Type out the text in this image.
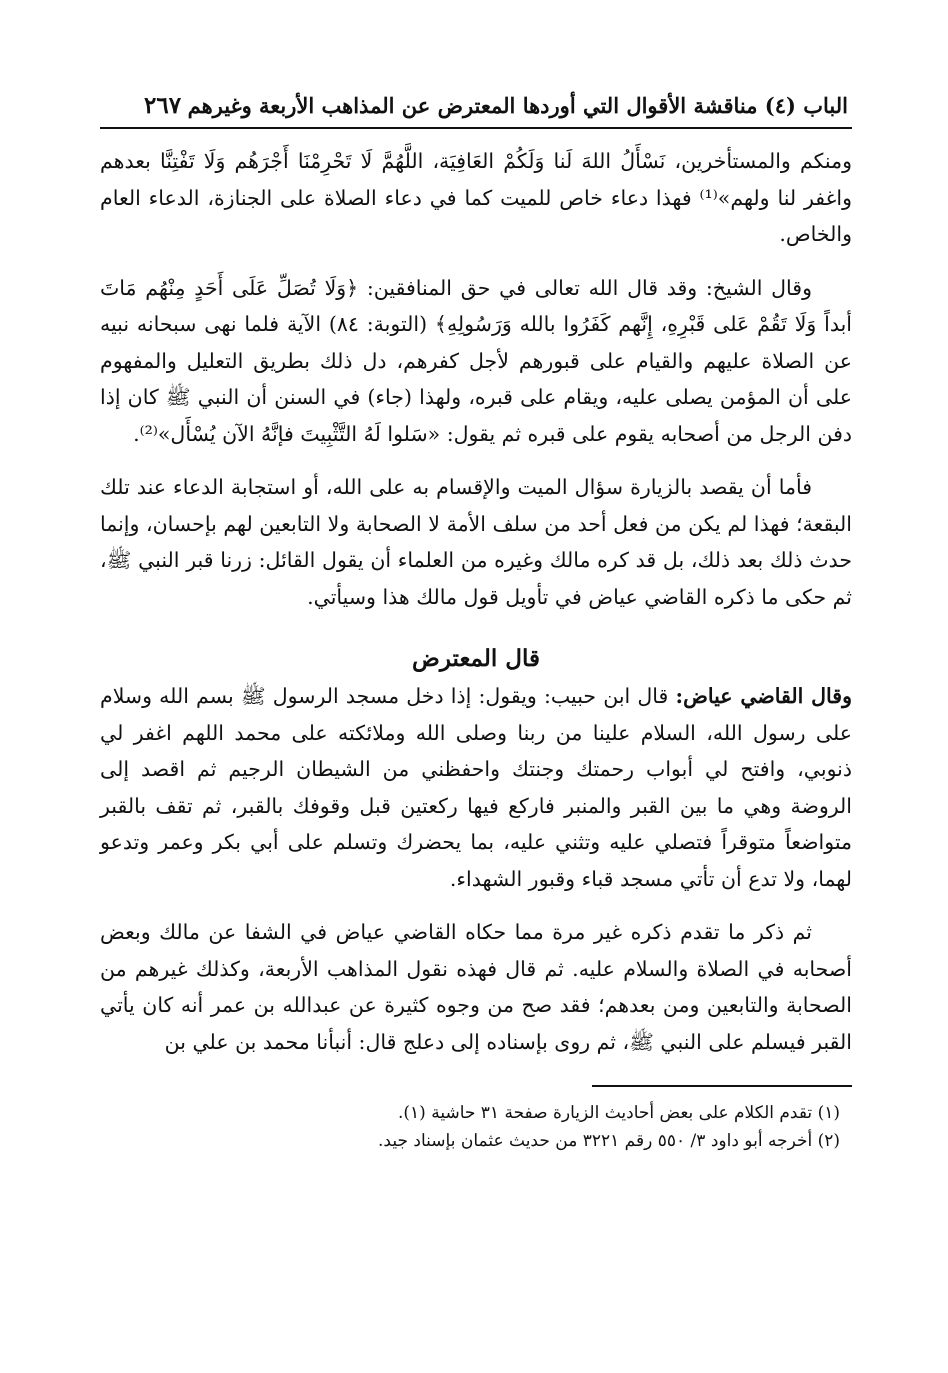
الباب (٤) مناقشة الأقوال التي أوردها المعترض عن المذاهب الأربعة وغيرهم
٢٦٧

ومنكم والمستأخرين، نَسْأَلُ اللهَ لَنا وَلَكُمْ العَافِيَة، اللَّهُمَّ لَا تَحْرِمْنَا أَجْرَهُم وَلَا تَفْتِنَّا بعدهم واغفر لنا ولهم»⁽¹⁾ فهذا دعاء خاص للميت كما في دعاء الصلاة على الجنازة، الدعاء العام والخاص.

وقال الشيخ: وقد قال الله تعالى في حق المنافقين: ﴿وَلَا تُصَلِّ عَلَى أَحَدٍ مِنْهُم مَاتَ أبداً وَلَا تَقُمْ عَلى قَبْرِهِ، إِنَّهم كَفَرُوا بالله وَرَسُولِهِ﴾ (التوبة: ٨٤) الآية فلما نهى سبحانه نبيه عن الصلاة عليهم والقيام على قبورهم لأجل كفرهم، دل ذلك بطريق التعليل والمفهوم على أن المؤمن يصلى عليه، ويقام على قبره، ولهذا (جاء) في السنن أن النبي ﷺ كان إذا دفن الرجل من أصحابه يقوم على قبره ثم يقول: «سَلوا لَهُ التَّثْبِيتَ فإنَّهُ الآن يُسْأَل»⁽²⁾.

فأما أن يقصد بالزيارة سؤال الميت والإقسام به على الله، أو استجابة الدعاء عند تلك البقعة؛ فهذا لم يكن من فعل أحد من سلف الأمة لا الصحابة ولا التابعين لهم بإحسان، وإنما حدث ذلك بعد ذلك، بل قد كره مالك وغيره من العلماء أن يقول القائل: زرنا قبر النبي ﷺ، ثم حكى ما ذكره القاضي عياض في تأويل قول مالك هذا وسيأتي.

قال المعترض

وقال القاضي عياض: قال ابن حبيب: ويقول: إذا دخل مسجد الرسول ﷺ بسم الله وسلام على رسول الله، السلام علينا من ربنا وصلى الله وملائكته على محمد اللهم اغفر لي ذنوبي، وافتح لي أبواب رحمتك وجنتك واحفظني من الشيطان الرجيم ثم اقصد إلى الروضة وهي ما بين القبر والمنبر فاركع فيها ركعتين قبل وقوفك بالقبر، ثم تقف بالقبر متواضعاً متوقراً فتصلي عليه وتثني عليه، بما يحضرك وتسلم على أبي بكر وعمر وتدعو لهما، ولا تدع أن تأتي مسجد قباء وقبور الشهداء.

ثم ذكر ما تقدم ذكره غير مرة مما حكاه القاضي عياض في الشفا عن مالك وبعض أصحابه في الصلاة والسلام عليه. ثم قال فهذه نقول المذاهب الأربعة، وكذلك غيرهم من الصحابة والتابعين ومن بعدهم؛ فقد صح من وجوه كثيرة عن عبدالله بن عمر أنه كان يأتي القبر فيسلم على النبي ﷺ، ثم روى بإسناده إلى دعلج قال: أنبأنا محمد بن علي بن

(١) تقدم الكلام على بعض أحاديث الزيارة صفحة ٣١ حاشية (١).

(٢) أخرجه أبو داود ٣/ ٥٥٠ رقم ٣٢٢١ من حديث عثمان بإسناد جيد.
